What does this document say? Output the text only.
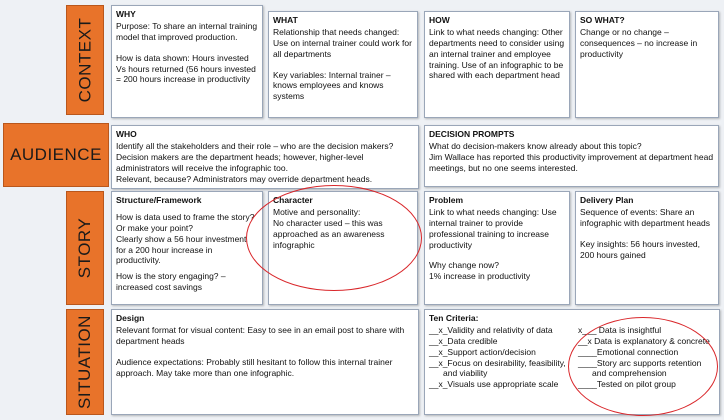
CONTEXT
AUDIENCE
STORY
SITUATION
WHY
Purpose: To share an internal training model that improved production.
How is data shown: Hours invested
Vs hours returned (56 hours invested
= 200 hours increase in productivity
WHAT
Relationship that needs changed: Use on internal trainer could work for all departments
Key variables: Internal trainer – knows employees and knows systems
HOW
Link to what needs changing: Other departments need to consider using an internal trainer and employee training. Use of an infographic to be shared with each department head
SO WHAT?
Change or no change – consequences – no increase in productivity
WHO
Identify all the stakeholders and their role – who are the decision makers?
Decision makers are the department heads; however, higher-level administrators will receive the infographic too.
Relevant, because? Administrators may override department heads.
DECISION PROMPTS
What do decision-makers know already about this topic?
Jim Wallace has reported this productivity improvement at department head meetings, but no one seems interested.
Structure/Framework
How is data used to frame the story?
Or make your point?
Clearly show a 56 hour investment for a 200 hour increase in productivity.
How is the story engaging? – increased cost savings
Character
Motive and personality:
No character used – this was approached as an awareness infographic
Problem
Link to what needs changing: Use internal trainer to provide professional training to increase productivity
Why change now?
1% increase in productivity
Delivery Plan
Sequence of events: Share an infographic with department heads
Key insights: 56 hours invested, 200 hours gained
Design
Relevant format for visual content: Easy to see in an email post to share with department heads
Audience expectations: Probably still hesitant to follow this internal trainer approach. May take more than one infographic.
Ten Criteria:
__x_Validity and relativity of data
__x_Data credible
__x_Support action/decision
__x_Focus on desirability, feasibility,
and viability
__x_Visuals use appropriate scale
x___ Data is insightful
__x Data is explanatory & concrete
____Emotional connection
____Story arc supports retention
and comprehension
____Tested on pilot group
